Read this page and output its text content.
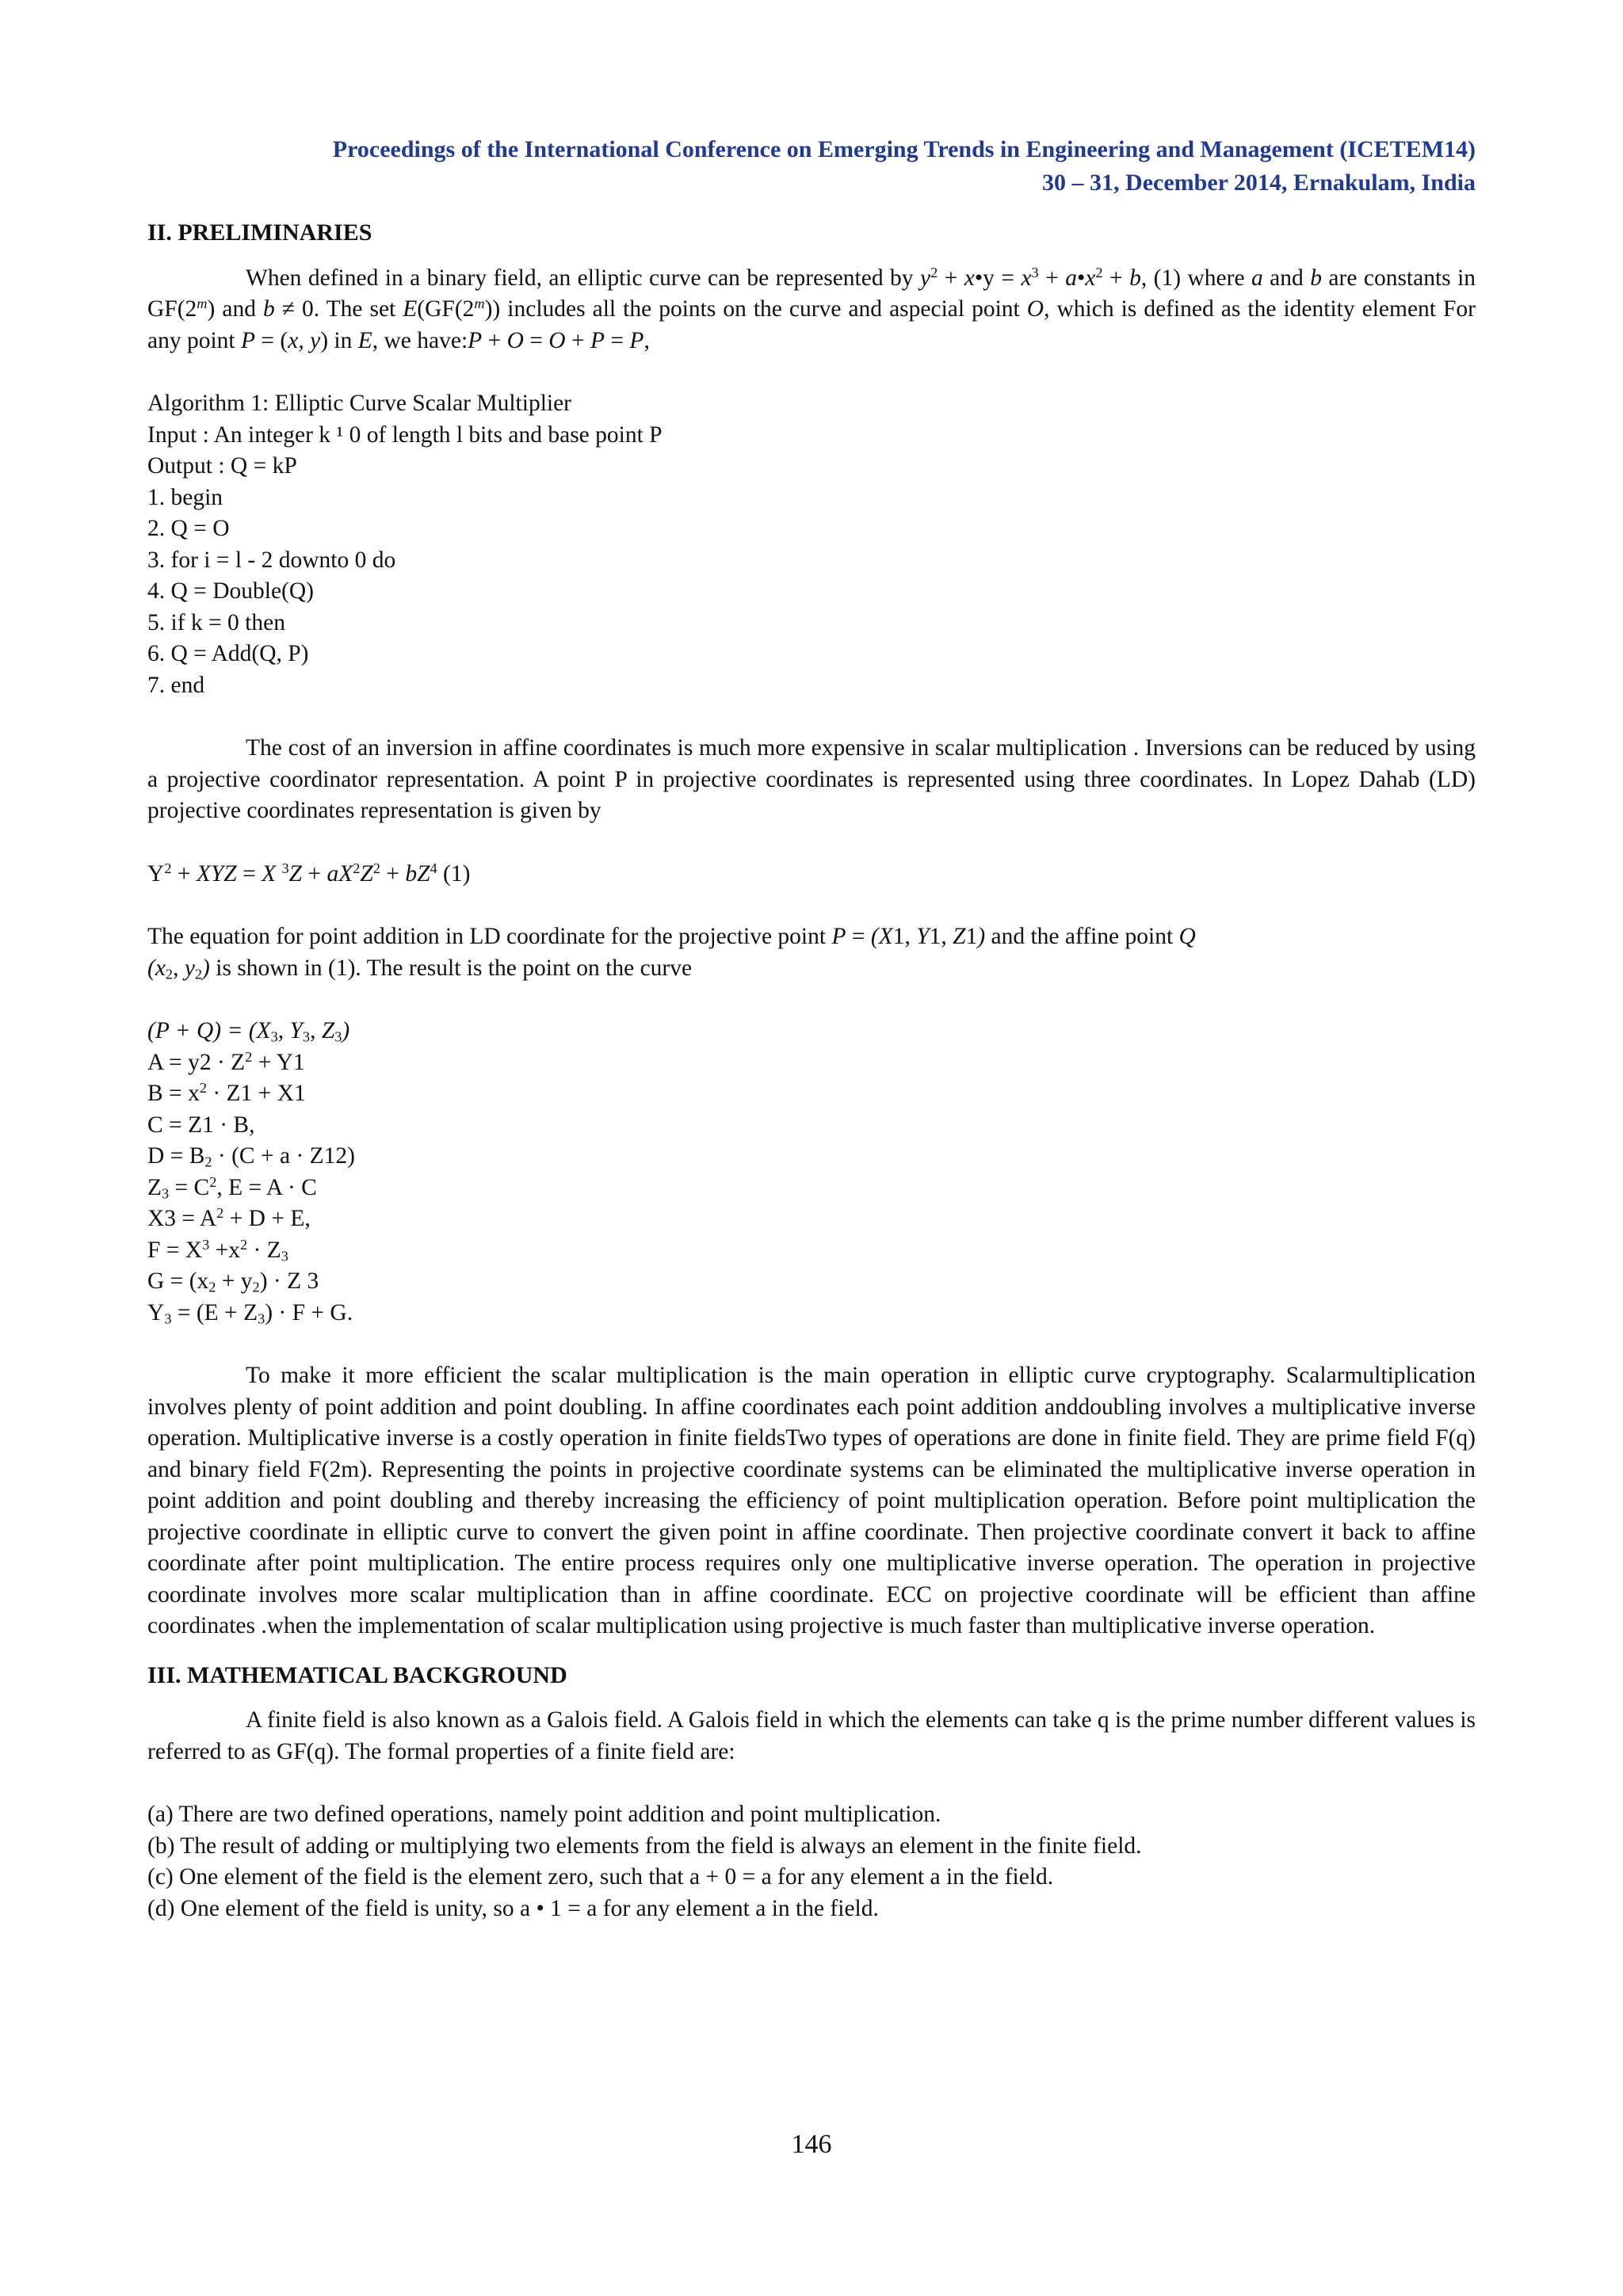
Proceedings of the International Conference on Emerging Trends in Engineering and Management (ICETEM14)
30 – 31, December 2014, Ernakulam, India
II. PRELIMINARIES

When defined in a binary field, an elliptic curve can be represented by $y^2$ + x•y = $x^3$ + $a•x^2 + b$, (1) where a and b are constants in GF(2$^m$) and b ≠ 0. The set E(GF(2$^m$)) includes all the points on the curve and aspecial point O, which is defined as the identity element For any point P = (x, y) in E, we have:P + O = O + P = P,

Algorithm 1: Elliptic Curve Scalar Multiplier
Input : An integer k ¹ 0 of length l bits and base point P
Output : Q = kP
1. begin
2. Q = O
3. for i = l - 2 downto 0 do
4. Q = Double(Q)
5. if k = 0 then
6. Q = Add(Q, P)
7. end

The cost of an inversion in affine coordinates is much more expensive in scalar multiplication . Inversions can be reduced by using a projective coordinator representation. A point P in projective coordinates is represented using three coordinates. In Lopez Dahab (LD) projective coordinates representation is given by

$Y^2$ + XYZ = X $^3Z + aX^2Z^2 + bZ^4$ (1)
The equation for point addition in LD coordinate for the projective point P = (X1, Y1, Z1) and the affine point Q
($x_2$, $y_2$) is shown in (1). The result is the point on the curve
$(P + Q) = (X_3$, $Y_3$, $Z_3$)
$A = y2 \cdot Z^2 + Y1$
$B = x^2 \cdot Z1 + X1$
C = Z1 · B,
$D = B_2 \cdot (C + a \cdot Z12)$
$Z_3 = C^2$, E = A · C
$X3 = A^2 + D + E$,
$F = X^3 +x^2 \cdot Z_3$
$G = (x_2 + y_2) \cdot Z$ 3
$Y_3 = (E + Z_3) \cdot F + G$.

To make it more efficient the scalar multiplication is the main operation in elliptic curve cryptography. Scalarmultiplication involves plenty of point addition and point doubling. In affine coordinates each point addition anddoubling involves a multiplicative inverse operation. Multiplicative inverse is a costly operation in finite fieldsTwo types of operations are done in finite field. They are prime field F(q) and binary field F(2m). Representing the points in projective coordinate systems can be eliminated the multiplicative inverse operation in point addition and point doubling and thereby increasing the efficiency of point multiplication operation. Before point multiplication the projective coordinate in elliptic curve to convert the given point in affine coordinate. Then projective coordinate convert it back to affine coordinate after point multiplication. The entire process requires only one multiplicative inverse operation. The operation in projective coordinate involves more scalar multiplication than in affine coordinate. ECC on projective coordinate will be efficient than affine coordinates .when the implementation of scalar multiplication using projective is much faster than multiplicative inverse operation.

III. MATHEMATICAL BACKGROUND

A finite field is also known as a Galois field. A Galois field in which the elements can take q is the prime number different values is referred to as GF(q). The formal properties of a finite field are:

(a) There are two defined operations, namely point addition and point multiplication.

(b) The result of adding or multiplying two elements from the field is always an element in the finite field.

(c) One element of the field is the element zero, such that a + 0 = a for any element a in the field.

(d) One element of the field is unity, so a • 1 = a for any element a in the field.

146
